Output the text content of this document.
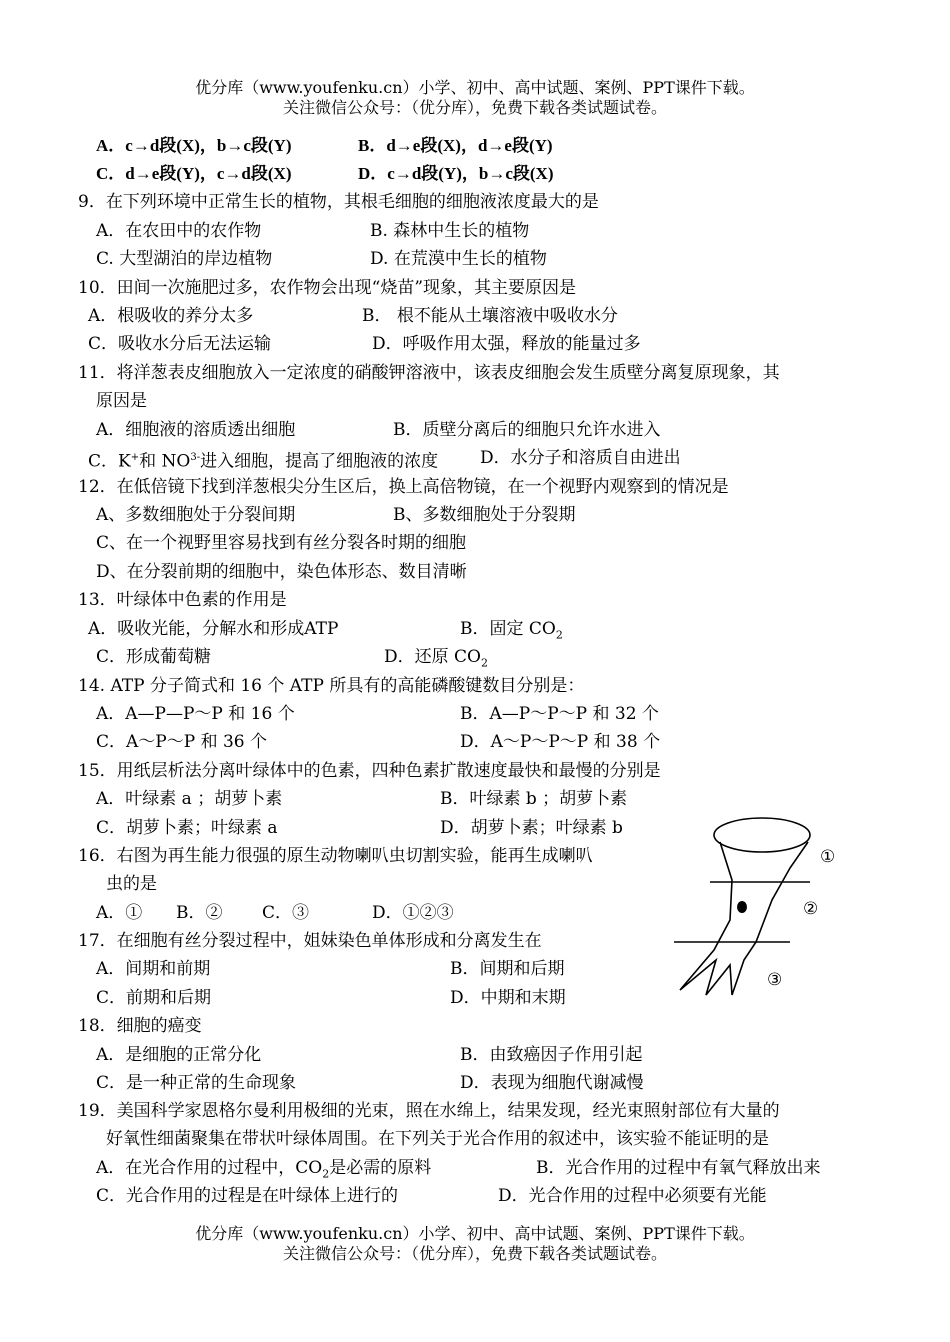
优分库（www.youfenku.cn）小学、初中、高中试题、案例、PPT课件下载。
关注微信公众号：（优分库），免费下载各类试题试卷。
A．c→d段(X)，b→c段(Y)	B．d→e段(X)，d→e段(Y)
C．d→e段(Y)，c→d段(X)	D．c→d段(Y)，b→c段(X)
9．在下列环境中正常生长的植物，其根毛细胞的细胞液浓度最大的是
A．在农田中的农作物	B. 森林中生长的植物
C. 大型湖泊的岸边植物	D. 在荒漠中生长的植物
10．田间一次施肥过多，农作物会出现“烧苗”现象，其主要原因是
A．根吸收的养分太多	B． 根不能从土壤溶液中吸收水分
C．吸收水分后无法运输	D．呼吸作用太强，释放的能量过多
11．将洋葱表皮细胞放入一定浓度的硝酸钾溶液中，该表皮细胞会发生质壁分离复原现象，其
原因是
A．细胞液的溶质透出细胞	B．质壁分离后的细胞只允许水进入
C．K+和 $NO^{3-}$进入细胞，提高了细胞液的浓度 D．水分子和溶质自由进出
12．在低倍镜下找到洋葱根尖分生区后，换上高倍物镜，在一个视野内观察到的情况是
A、多数细胞处于分裂间期	B、多数细胞处于分裂期
C、在一个视野里容易找到有丝分裂各时期的细胞
D、在分裂前期的细胞中，染色体形态、数目清晰
13．叶绿体中色素的作用是
A．吸收光能，分解水和形成ATP	B．固定 $CO_2$
C．形成葡萄糖	D．还原 $CO_2$
14. ATP 分子简式和 16 个 ATP 所具有的高能磷酸键数目分别是：
A．A—P—P～P 和 16 个	B．A—P～P～P 和 32 个
C．A～P～P 和 36 个	D．A～P～P～P 和 38 个
15．用纸层析法分离叶绿体中的色素，四种色素扩散速度最快和最慢的分别是
A．叶绿素 a ；胡萝卜素	B．叶绿素 b ；胡萝卜素
C．胡萝卜素；叶绿素 a	D．胡萝卜素；叶绿素 b
16．右图为再生能力很强的原生动物喇叭虫切割实验，能再生成喇叭
虫的是
A．① B．② C．③	D．①②③
①
②
③
17．在细胞有丝分裂过程中，姐妹染色单体形成和分离发生在
A．间期和前期	B．间期和后期
C．前期和后期	D．中期和末期
18．细胞的癌变
A．是细胞的正常分化	B．由致癌因子作用引起
C．是一种正常的生命现象	D．表现为细胞代谢减慢
19．美国科学家恩格尔曼利用极细的光束，照在水绵上，结果发现，经光束照射部位有大量的
好氧性细菌聚集在带状叶绿体周围。在下列关于光合作用的叙述中，该实验不能证明的是
A．在光合作用的过程中，$CO_2$是必需的原料	B．光合作用的过程中有氧气释放出来
C．光合作用的过程是在叶绿体上进行的	D．光合作用的过程中必须要有光能
优分库（www.youfenku.cn）小学、初中、高中试题、案例、PPT课件下载。
关注微信公众号：（优分库），免费下载各类试题试卷。
